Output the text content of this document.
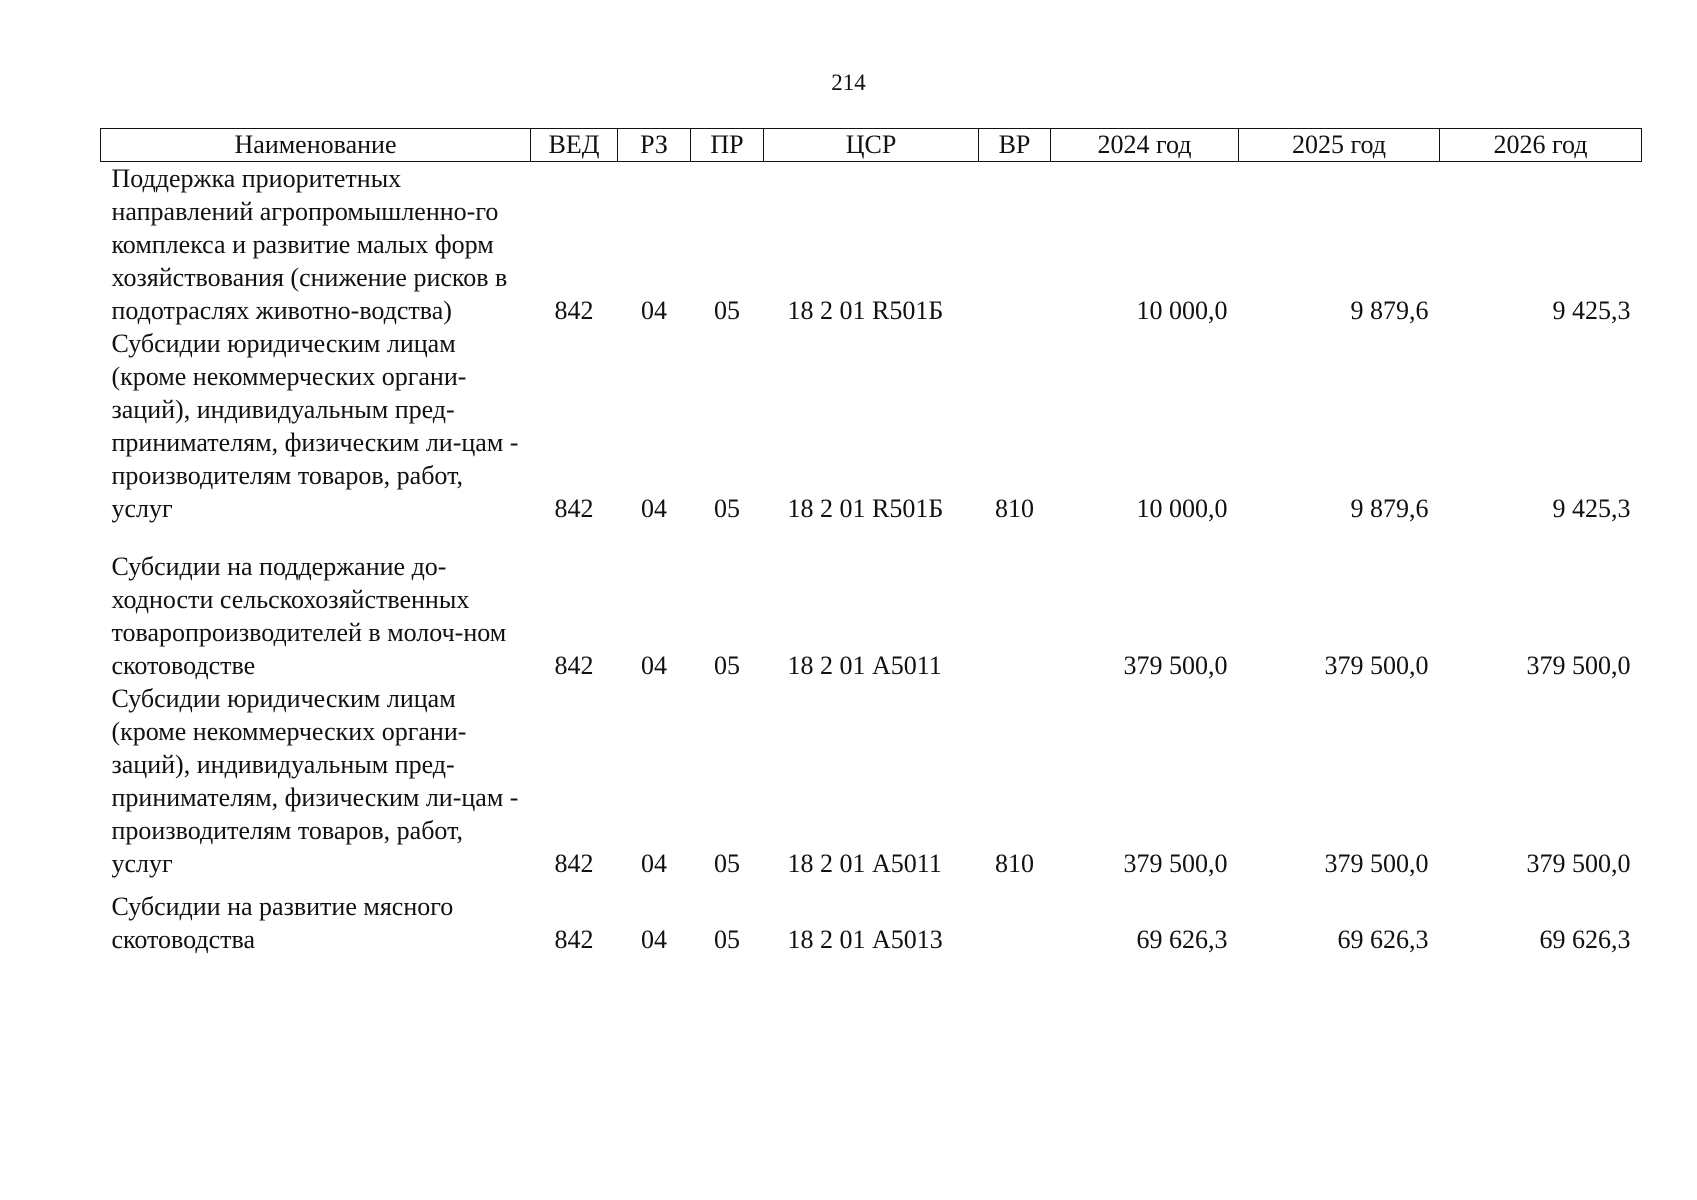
214
Наименование	ВЕД	РЗ	ПР	ЦСР	ВР	2024 год	2025 год	2026 год
Поддержка приоритетных направлений агропромышленно-го комплекса и развитие малых форм хозяйствования (снижение рисков в подотраслях животно-водства)	842	04	05	18 2 01 R501Б		10 000,0	9 879,6	9 425,3
Субсидии юридическим лицам (кроме некоммерческих органи-заций), индивидуальным пред-принимателям, физическим ли-цам - производителям товаров, работ, услуг	842	04	05	18 2 01 R501Б	810	10 000,0	9 879,6	9 425,3

Субсидии на поддержание до-ходности сельскохозяйственных товаропроизводителей в молоч-ном скотоводстве	842	04	05	18 2 01 А5011		379 500,0	379 500,0	379 500,0
Субсидии юридическим лицам (кроме некоммерческих органи-заций), индивидуальным пред-принимателям, физическим ли-цам - производителям товаров, работ, услуг	842	04	05	18 2 01 А5011	810	379 500,0	379 500,0	379 500,0

Субсидии на развитие мясного скотоводства	842	04	05	18 2 01 А5013		69 626,3	69 626,3	69 626,3
